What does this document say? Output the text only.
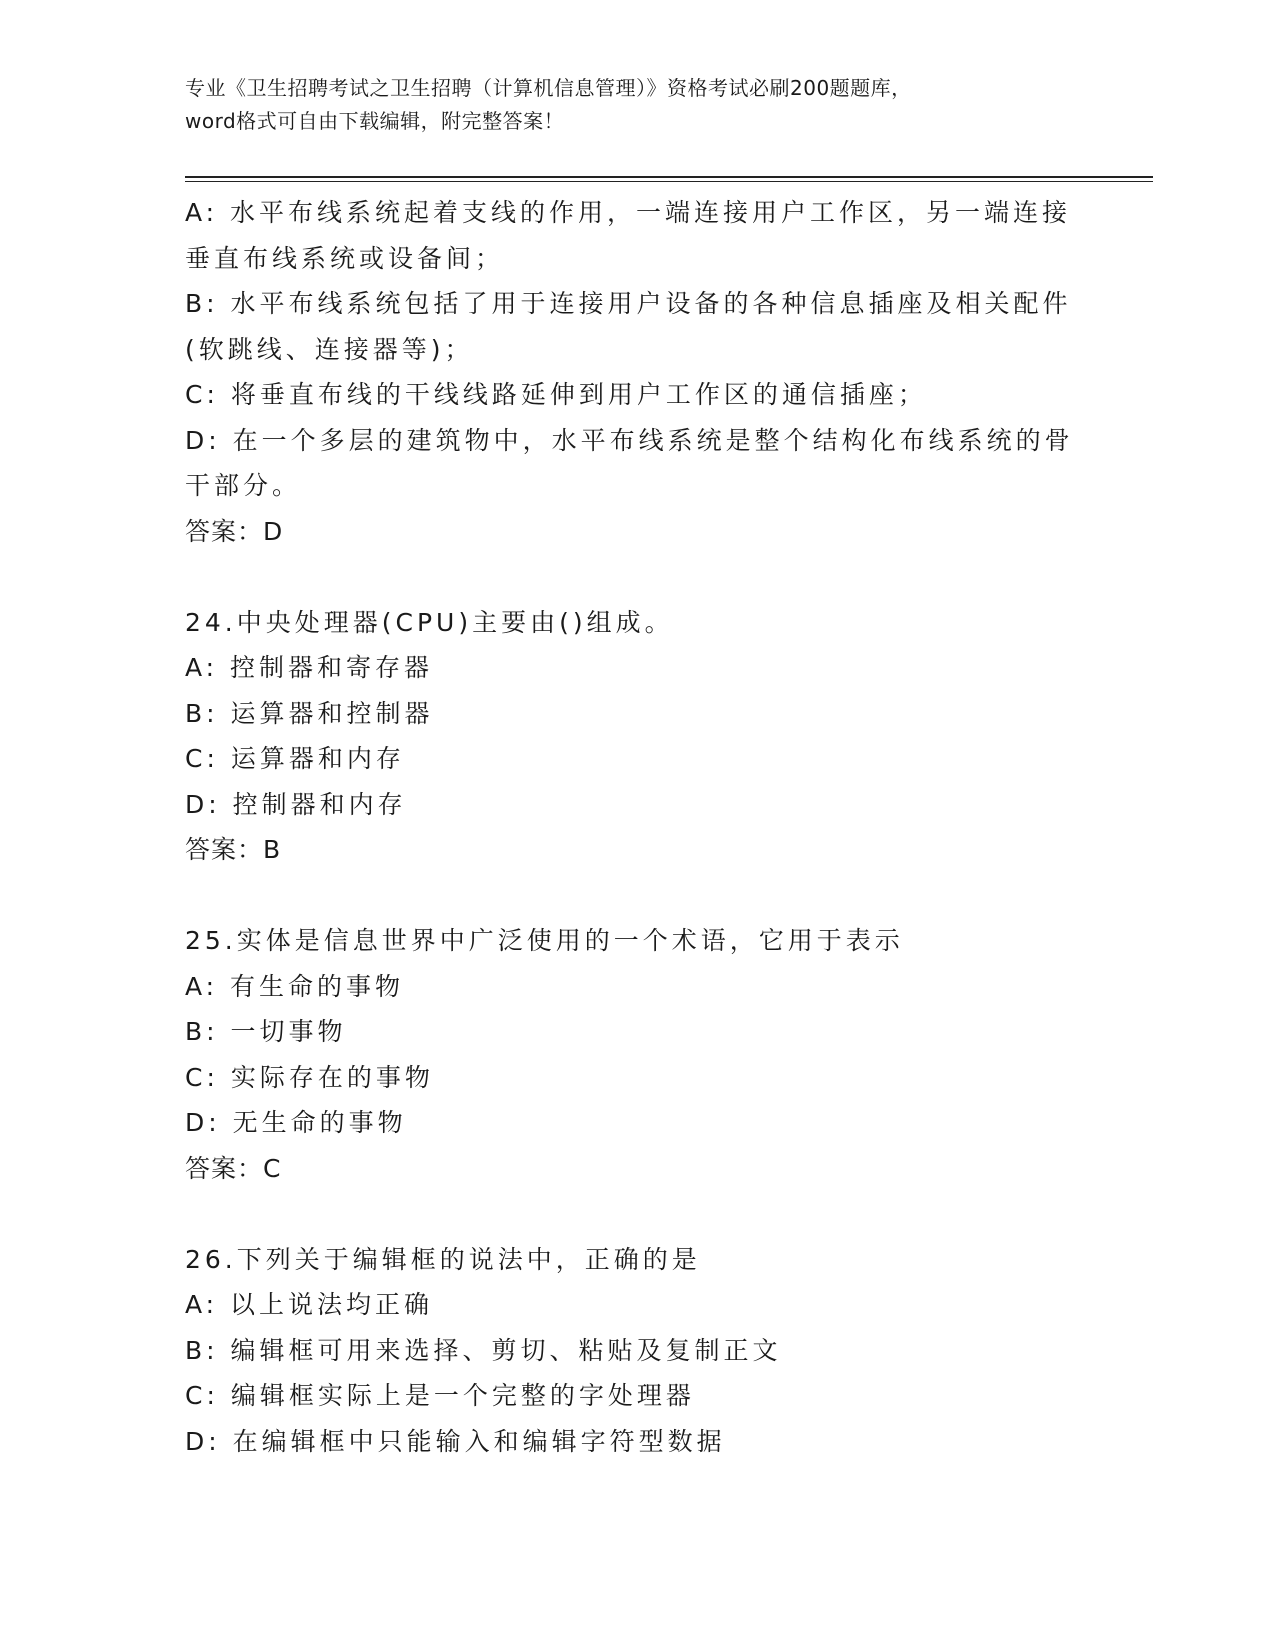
专业《卫生招聘考试之卫生招聘（计算机信息管理）》资格考试必刷200题题库，
word格式可自由下载编辑，附完整答案！
A: 水平布线系统起着支线的作用，一端连接用户工作区，另一端连接
垂直布线系统或设备间；
B: 水平布线系统包括了用于连接用户设备的各种信息插座及相关配件
(软跳线、连接器等)；
C: 将垂直布线的干线线路延伸到用户工作区的通信插座；
D: 在一个多层的建筑物中，水平布线系统是整个结构化布线系统的骨
干部分。
答案：D
24.中央处理器(CPU)主要由()组成。
A: 控制器和寄存器
B: 运算器和控制器
C: 运算器和内存
D: 控制器和内存
答案：B
25.实体是信息世界中广泛使用的一个术语，它用于表示
A: 有生命的事物
B: 一切事物
C: 实际存在的事物
D: 无生命的事物
答案：C
26.下列关于编辑框的说法中，正确的是
A: 以上说法均正确
B: 编辑框可用来选择、剪切、粘贴及复制正文
C: 编辑框实际上是一个完整的字处理器
D: 在编辑框中只能输入和编辑字符型数据
